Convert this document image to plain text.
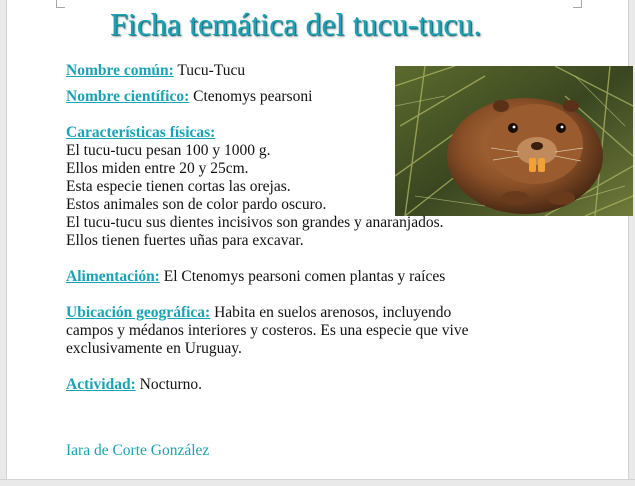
Ficha temática del tucu-tucu.

Nombre común: Tucu-Tucu

Nombre científico: Ctenomys pearsoni

Características físicas:

El tucu-tucu pesan 100 y 1000 g.

Ellos miden entre 20 y 25cm.

Esta especie tienen cortas las orejas.

Estos animales son de color pardo oscuro.

El tucu-tucu sus dientes incisivos son grandes y anaranjados.

Ellos tienen fuertes uñas para excavar.

Alimentación: El Ctenomys pearsoni comen plantas y raíces

Ubicación geográfica: Habita en suelos arenosos, incluyendo campos y médanos interiores y costeros. Es una especie que vive exclusivamente en Uruguay.

Actividad: Nocturno.

Iara de Corte González
